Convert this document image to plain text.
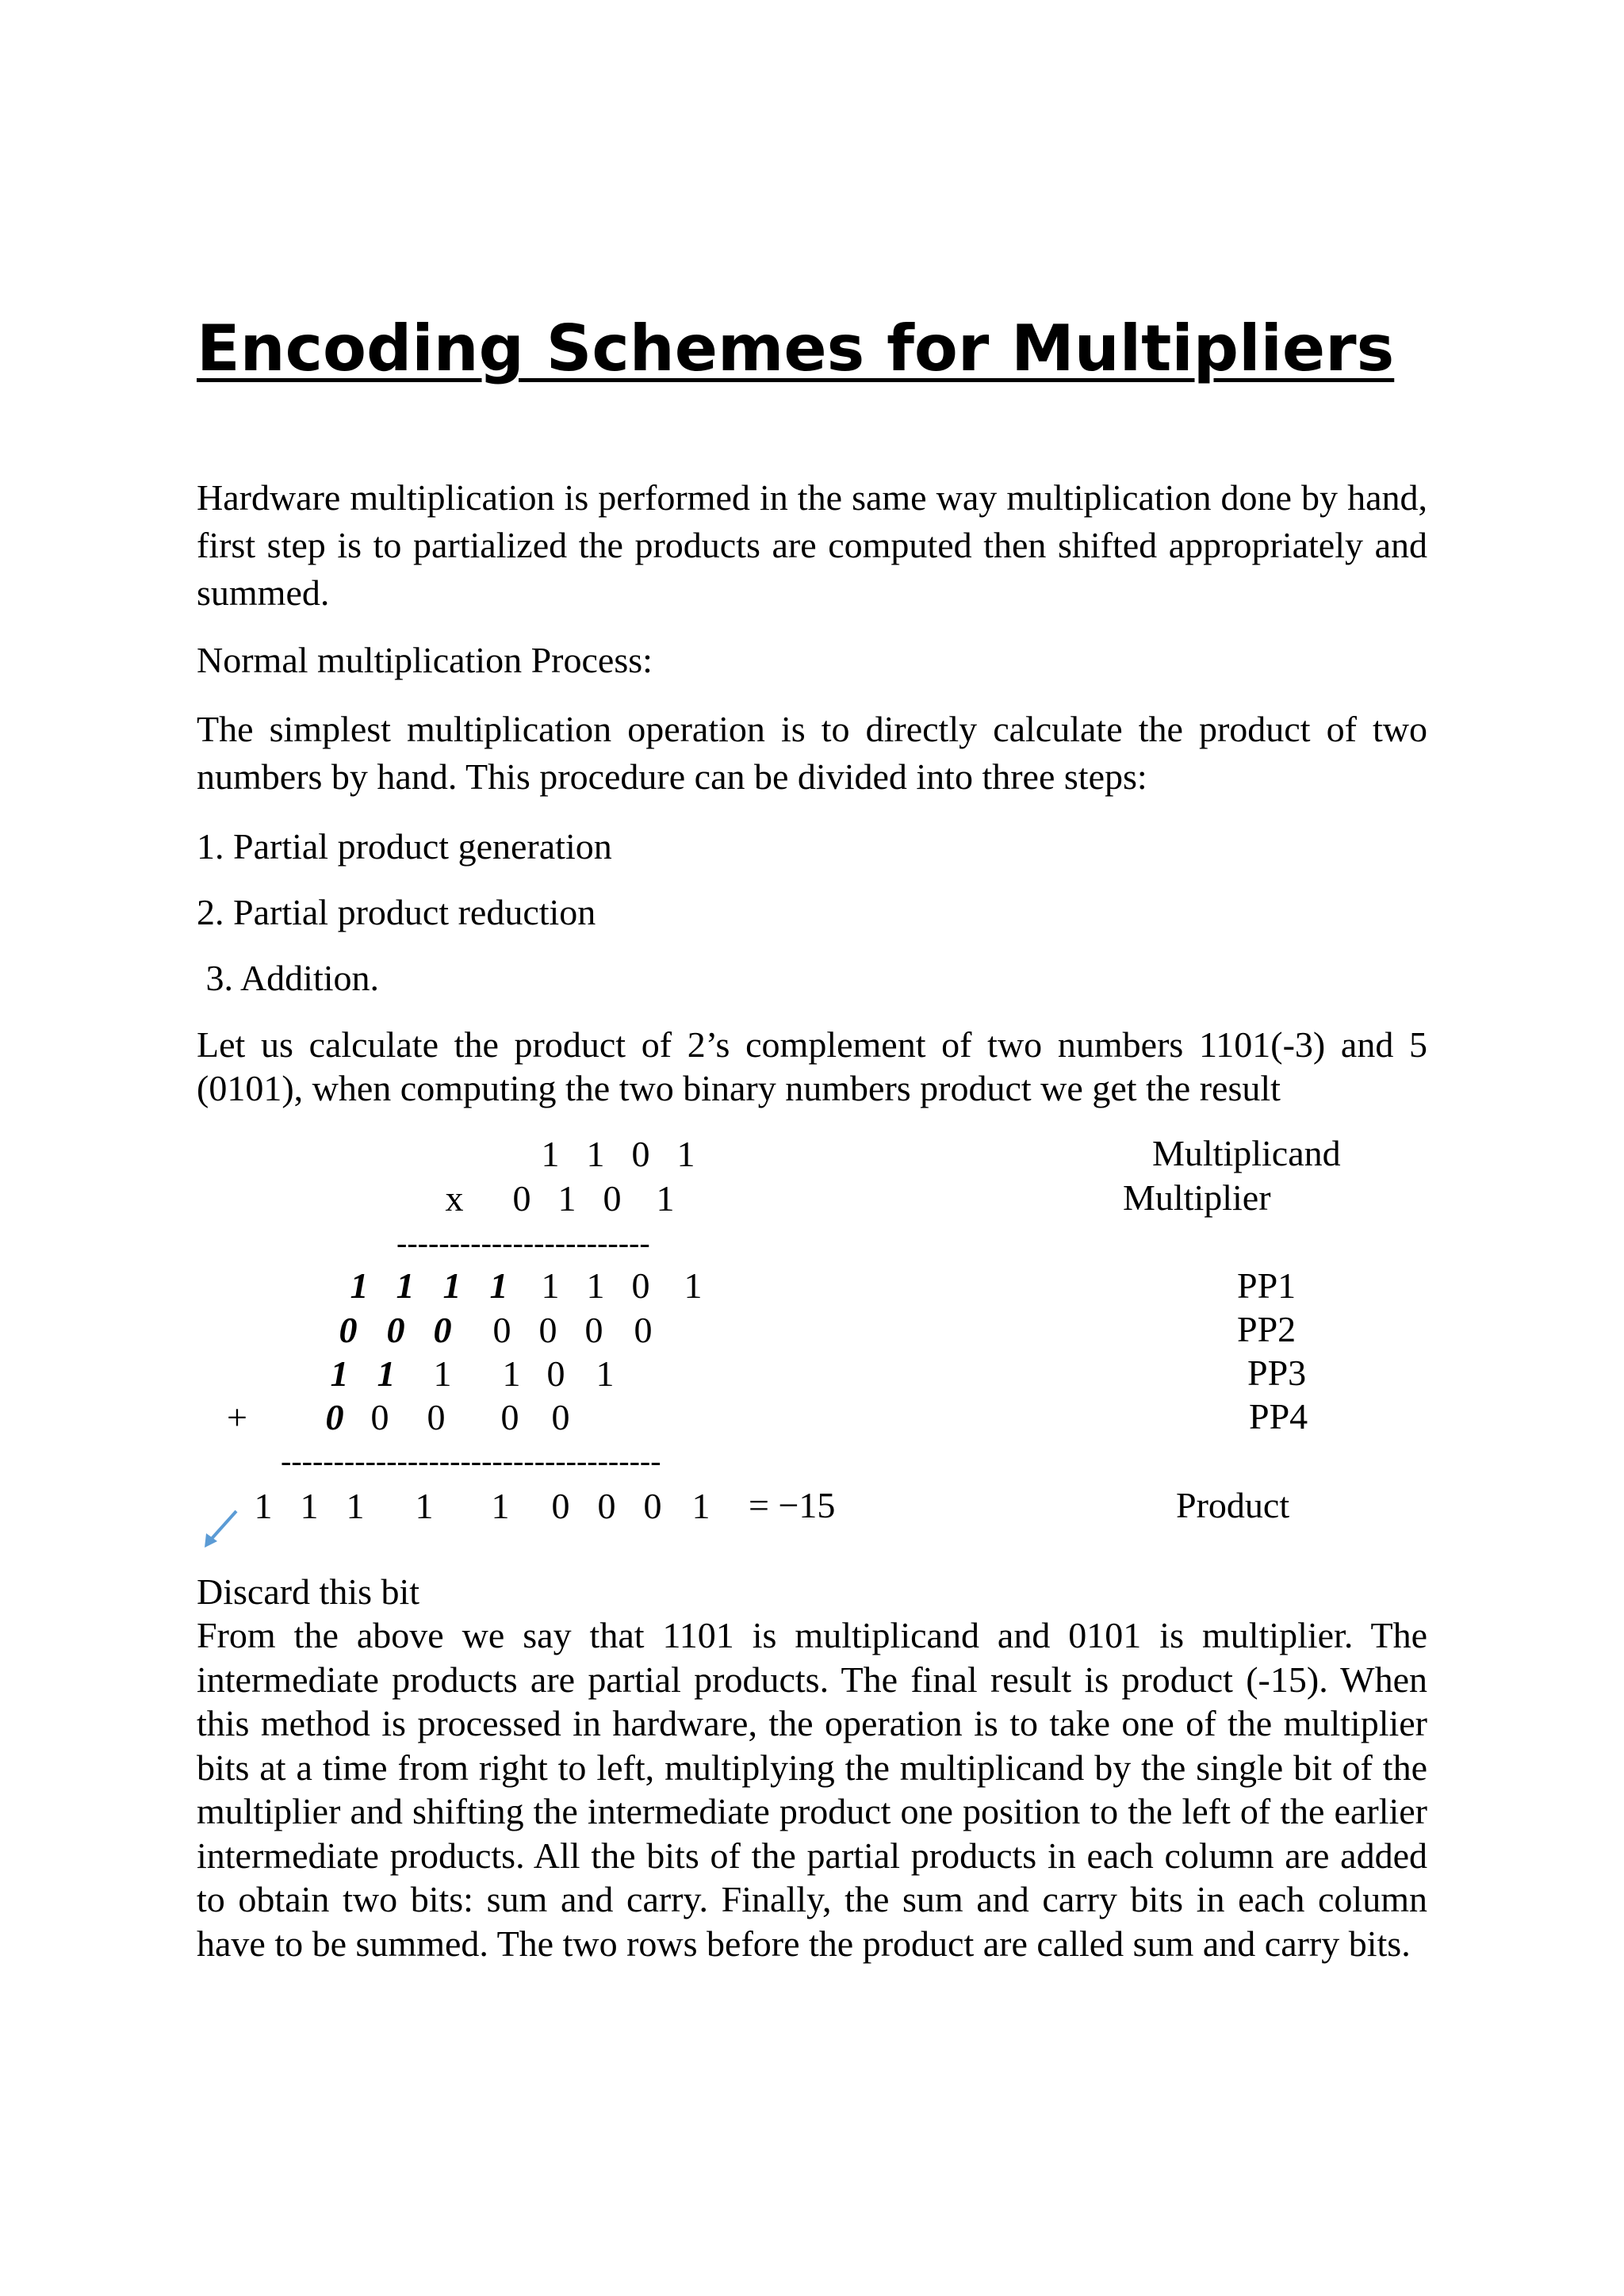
Encoding Schemes for Multipliers

Hardware multiplication is performed in the same way multiplication done by hand, first step is to partialized the products are computed then shifted appropriately and summed.

Normal multiplication Process:

The simplest multiplication operation is to directly calculate the product of two numbers by hand. This procedure can be divided into three steps:

1. Partial product generation
2. Partial product reduction
3. Addition.

Let us calculate the product of 2’s complement of two numbers 1101(-3) and 5 (0101), when computing the two binary numbers product we get the result

1 1 0 1	Multiplicand
x 0 1 0 1	Multiplier
------------------------
1 1 1 1 1 1 0 1	PP1
0 0 0 0 0 0 0	PP2
1 1 1 1 0 1	PP3
+ 0 0 0 0 0	PP4
------------------------------------
1 1 1 1 1 0 0 0 1 = −15	Product
Discard this bit

From the above we say that 1101 is multiplicand and 0101 is multiplier. The intermediate products are partial products. The final result is product (-15). When this method is processed in hardware, the operation is to take one of the multiplier bits at a time from right to left, multiplying the multiplicand by the single bit of the multiplier and shifting the intermediate product one position to the left of the earlier intermediate products. All the bits of the partial products in each column are added to obtain two bits: sum and carry. Finally, the sum and carry bits in each column have to be summed. The two rows before the product are called sum and carry bits.
